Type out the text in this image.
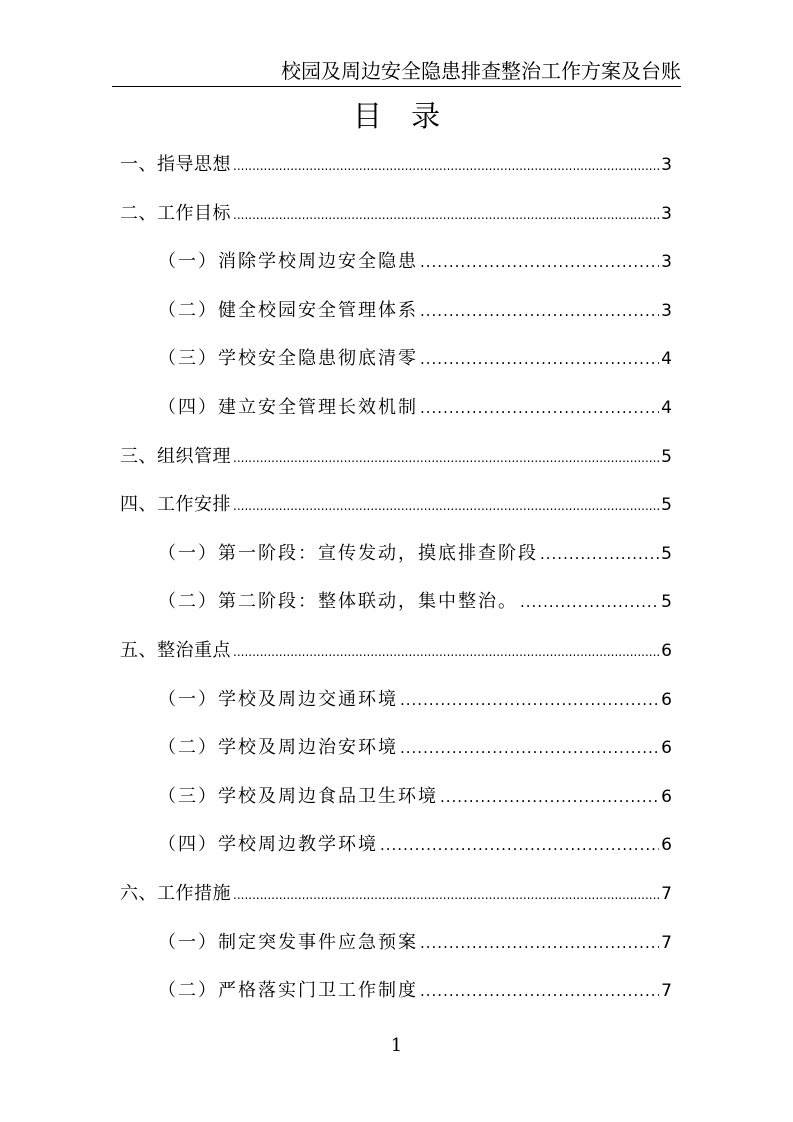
校园及周边安全隐患排查整治工作方案及台账
目 录
一、指导思想 .....	3
二、工作目标 .....	3
（一）消除学校周边安全隐患 .....	3
（二）健全校园安全管理体系 .....	3
（三）学校安全隐患彻底清零 .....	4
（四）建立安全管理长效机制 .....	4
三、组织管理 .....	5
四、工作安排 .....	5
（一）第一阶段：宣传发动，摸底排查阶段 .....	5
（二）第二阶段：整体联动，集中整治。 .....	5
五、整治重点 .....	6
（一）学校及周边交通环境 .....	6
（二）学校及周边治安环境 .....	6
（三）学校及周边食品卫生环境 .....	6
（四）学校周边教学环境 .....	6
六、工作措施 .....	7
（一）制定突发事件应急预案 .....	7
（二）严格落实门卫工作制度 .....	7
1
